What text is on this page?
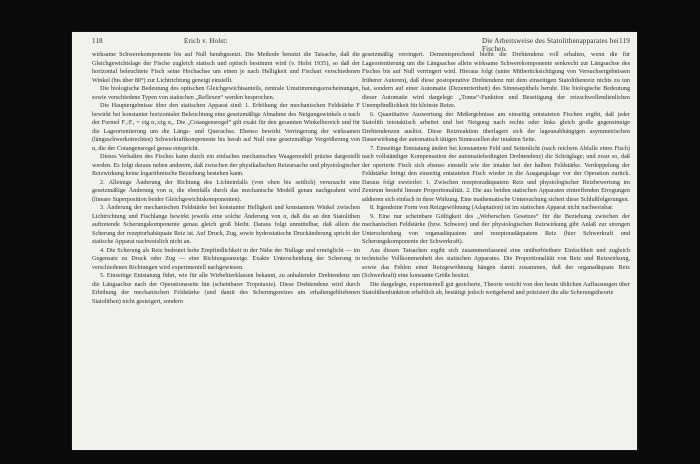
118	Erich v. Holst:

wirksame Schwerekomponente bis auf Null herabgesetzt. Die Methode benutzt die Tatsache, daß die Gleichgewichtslage der Fische zugleich statisch und optisch bestimmt wird (v. Holst 1935), so daß der horizontal beleuchtete Fisch seine Hochachse um einen je nach Helligkeit und Fischart verschiedenen Winkel (bis über 80°) zur Lichtrichtung geneigt einstellt.

Die biologische Bedeutung des optischen Gleichgewichtsanteils, zentrale Umstimmungserscheinungen, sowie verschiedene Typen von statischen „Reflexen“ werden besprochen.

Die Hauptergebnisse über den statischen Apparat sind: 1. Erhöhung der mechanischen Feldstärke F bewirkt bei konstanter horizontaler Beleuchtung eine gesetzmäßige Abnahme des Neigungswinkels α nach der Formel F₁:F₂ = ctg α₁:ctg α₂. Die „Cotangensregel“ gilt exakt für den gesamten Winkelbereich und für die Lageorientierung um die Längs- und Querachse. Ebenso bewirkt Verringerung der wirksamen (längsschwerkotrechten) Schwerkraftkomponente bis herab auf Null eine gesetzmäßige Vergrößerung von α, die der Cotangensregel genau entspricht.

Dieses Verhalten des Fisches kann durch ein einfaches mechanisches Waagemodell präzise dargestellt werden. Es folgt daraus neben anderem, daß zwischen der physikalischen Reizursache und physiologischer Reizwirkung keine logarithmische Beziehung bestehen kann.

2. Alleinige Änderung der Richtung des Lichteinfalls (von oben bis seitlich) verursacht eine gesetzmäßige Änderung von α, die ebenfalls durch das mechanische Modell genau nachgeahmt wird (lineare Superposition beider Gleichgewichtskomponenten).

3. Änderung der mechanischen Feldstärke bei konstanter Helligkeit und konstantem Winkel zwischen Lichtrichtung und Fischlange bewirkt jeweils eine solche Änderung von α, daß die an den Statolithen auftretende Scherungskomponente genau gleich groß bleibt. Daraus folgt unmittelbar, daß allein die Scherung der rezeptorhabäquate Reiz ist. Auf Druck, Zug, sowie hydrostatische Druckänderung spricht der statische Apparat nachweislich nicht an.

4. Die Scherung als Reiz bedeutet hohe Empfindlichkeit in der Nähe der Nullage und ermöglicht — im Gegensatz zu Druck oder Zug — eine Richtungsanzeige. Exakte Unterscheidung der Scherung in verschiedenen Richtungen wird experimentell nachgewiesen.

5. Einseitige Entstatung führt, wie für alle Wirbeltierklassen bekannt, zu anhaltender Drehtendenz um die Längsachse nach der Operationsseite hin (scheinbarer Tropotaxie). Diese Drehtendenz wird durch Erhöhung der mechanischen Feldstärke (und damit des Scherungsreizes am erhaltengebliebenen Statolithen) nicht gesteigert, sondern

Die Arbeitsweise des Statolithenapparates bei Fischen.
119

gesetzmäßig verringert. Dementsprechend bleibt die Drehtendenz voll erhalten, wenn die für Lageorientierung um die Längsachse allein wirksame Schwerekomponente senkrecht zur Längsachse des Fisches bis auf Null verringert wird. Hieraus folgt (unter Mitberücksichtigung von Versuchsergebnissen früherer Autoren), daß diese postoperative Drehtendenz mit dem einseitigen Statolithenreiz nichts zu tun hat, sondern auf einer Automatie (Dezentriertheit) des Sinnesepithels beruht. Die biologische Bedeutung dieser Automatie wird dargelegt: „Tonus“-Funktion und Beseitigung der reizschwellendienlichen Unempfindlichkeit für kleinste Reize.

6. Quantitative Auswertung der Meßergebnisse am einseitig entstateten Fischen ergibt, daß jeder Statolith tetotaktisch arbeitet und bei Neigung nach rechts oder links gleich große gegensinnige Drehtendenzen auslöst. Diese Reizreaktion überlagert sich der lageunabhängigen asymmetrischen Dauerwirkung der automatisch tätigen Sinneszellen der intakten Seite.

7. Einseitige Entstatung ändert bei konstantem Feld und Seitenlicht (nach reichem Abfalle eines Fisch) nach vollständiger Kompensation der automatiebedingten Drehtendenz) die Schräglage; und zwar so, daß der operierte Fisch sich ebenso einstellt wie der intakte bei der halben Feldstärke. Verdoppelung der Feldstärke bringt den einseitig entstateten Fisch wieder in die Ausgangslage vor der Operation zurück. Daraus folgt zweierlei: 1. Zwischen rezeptoradäquatem Reiz und physiologischer Reizbewertung im Zentrum besteht lineare Proportionalität. 2. Die aus beiden statischen Apparaten eintreffenden Erregungen addieren sich einfach in ihrer Wirkung. Eine mathematische Untersuchung sichert diese Schlußfolgerungen.

8. Irgendeine Form von Reizgewöhnung (Adaptation) ist im statischen Apparat nicht nachweisbar.

9. Eine nur scheinbare Gültigkeit des „Weberschen Gesetzes“ für die Beziehung zwischen der mechanischen Feldstärke (bzw. Schwere) und der physiologischen Reizwirkung gibt Anlaß zur strengen Unterscheidung von organadäquatem und rezeptoradäquatem Reiz (hier Schwerkraft und Scherungskomponente der Schwerkraft).

Aus diesen Tatsachen ergibt sich zusammenfassend eine unüberbietbare Einfachheit und zugleich technische Vollkommenheit des statischen Apparates. Die Proportionalität von Reiz und Reizwirkung, sowie das Fehlen einer Reizgewöhnung hängen damit zusammen, daß der organadäquate Reiz (Schwerkraft) eine konstante Größe besitzt.

Die dargelegte, experimentell gut gesicherte, Theorie weicht von den heute üblichen Auffassungen über Statolithenfunktion erheblich ab, bestätigt jedoch weitgehend und präzisiert die alte Scherungstheorie
